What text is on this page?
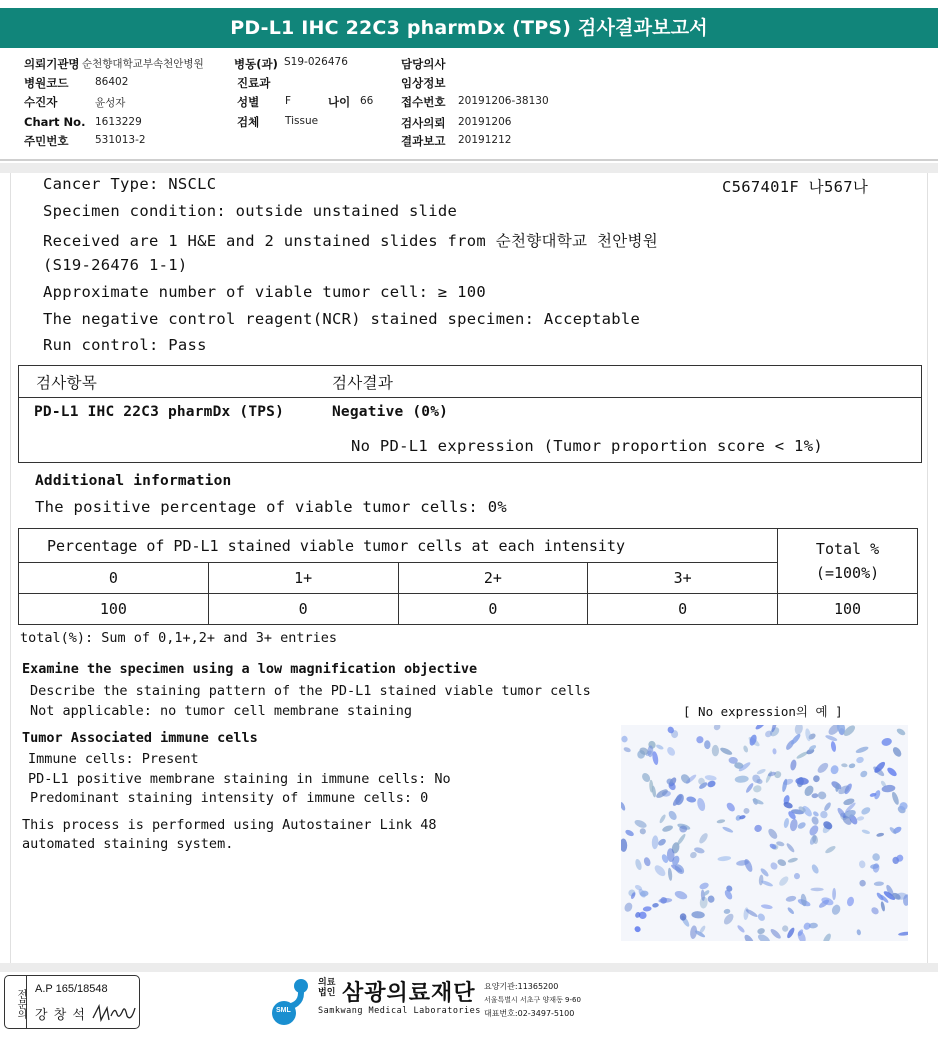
PD-L1 IHC 22C3 pharmDx (TPS) 검사결과보고서
의뢰기관명 순천향대학교부속천안병원	병동(과) S19-026476	담당의사
병원코드	86402	진료과	임상정보
수진자	윤성자	성별 F	나이 66 접수번호 20191206-38130
Chart No. 1613229	검체 Tissue	검사의뢰 20191206
주민번호	531013-2	결과보고 20191212
Cancer Type: NSCLC	C567401F 나567나
Specimen condition: outside unstained slide
Received are 1 H&E and 2 unstained slides from 순천향대학교 천안병원
(S19-26476 1-1)
Approximate number of viable tumor cell: ≥ 100
The negative control reagent(NCR) stained specimen: Acceptable
Run control: Pass
검사항목	검사결과
PD-L1 IHC 22C3 pharmDx (TPS)	Negative (0%)
No PD-L1 expression (Tumor proportion score < 1%)
Additional information
The positive percentage of viable tumor cells: 0%
Percentage of PD-L1 stained viable tumor cells at each intensity				Total %
(=100%)

0	1+	2+	3+	
100	0	0	0	100
total(%): Sum of 0,1+,2+ and 3+ entries
Examine the specimen using a low magnification objective
Describe the staining pattern of the PD-L1 stained viable tumor cells
Not applicable: no tumor cell membrane staining	[ No expression의 예 ]
Tumor Associated immune cells
Immune cells: Present
PD-L1 positive membrane staining in immune cells: No
Predominant staining intensity of immune cells: 0
This process is performed using Autostainer Link 48
automated staining system.
전문의 A.P 165/18548
강 창 석	SML
의료
법인 삼광의료재단
Samkwang Medical Laboratories
요양기관:11365200
서울특별시 서초구 양재동 9-60
대표번호:02-3497-5100
